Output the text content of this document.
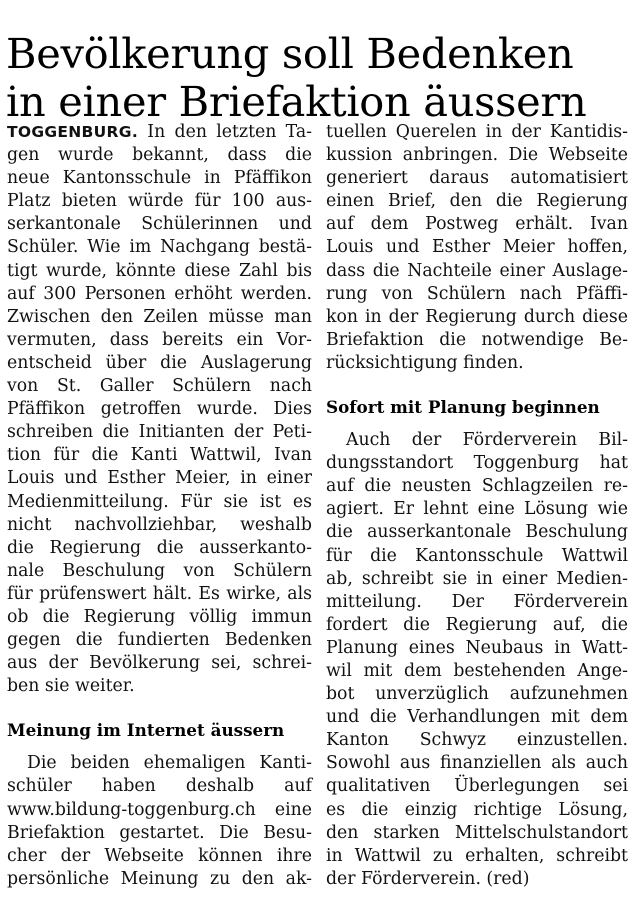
Bevölkerung soll Bedenken
in einer Briefaktion äussern
TOGGENBURG. In den letzten Ta-
gen wurde bekannt, dass die
neue Kantonsschule in Pfäffikon
Platz bieten würde für 100 aus-
serkantonale Schülerinnen und
Schüler. Wie im Nachgang bestä-
tigt wurde, könnte diese Zahl bis
auf 300 Personen erhöht werden.
Zwischen den Zeilen müsse man
vermuten, dass bereits ein Vor-
entscheid über die Auslagerung
von St. Galler Schülern nach
Pfäffikon getroffen wurde. Dies
schreiben die Initianten der Peti-
tion für die Kanti Wattwil, Ivan
Louis und Esther Meier, in einer
Medienmitteilung. Für sie ist es
nicht nachvollziehbar, weshalb
die Regierung die ausserkanto-
nale Beschulung von Schülern
für prüfenswert hält. Es wirke, als
ob die Regierung völlig immun
gegen die fundierten Bedenken
aus der Bevölkerung sei, schrei-
ben sie weiter.
Meinung im Internet äussern
Die beiden ehemaligen Kanti-
schüler haben deshalb auf
www.bildung-toggenburg.ch eine
Briefaktion gestartet. Die Besu-
cher der Webseite können ihre
persönliche Meinung zu den ak-
tuellen Querelen in der Kantidis-
kussion anbringen. Die Webseite
generiert daraus automatisiert
einen Brief, den die Regierung
auf dem Postweg erhält. Ivan
Louis und Esther Meier hoffen,
dass die Nachteile einer Auslage-
rung von Schülern nach Pfäffi-
kon in der Regierung durch diese
Briefaktion die notwendige Be-
rücksichtigung finden.
Sofort mit Planung beginnen
Auch der Förderverein Bil-
dungsstandort Toggenburg hat
auf die neusten Schlagzeilen re-
agiert. Er lehnt eine Lösung wie
die ausserkantonale Beschulung
für die Kantonsschule Wattwil
ab, schreibt sie in einer Medien-
mitteilung. Der Förderverein
fordert die Regierung auf, die
Planung eines Neubaus in Watt-
wil mit dem bestehenden Ange-
bot unverzüglich aufzunehmen
und die Verhandlungen mit dem
Kanton Schwyz einzustellen.
Sowohl aus finanziellen als auch
qualitativen Überlegungen sei
es die einzig richtige Lösung,
den starken Mittelschulstandort
in Wattwil zu erhalten, schreibt
der Förderverein. (red)
